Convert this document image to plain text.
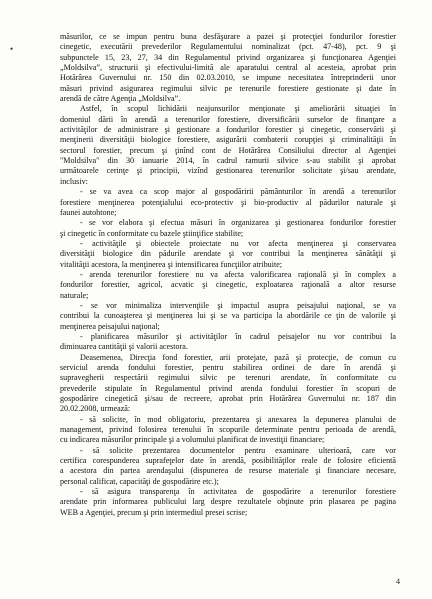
•
măsurilor, ce se impun pentru buna desfăşurare a pazei şi protecţiei fondurilor forestier
cinegetic, executării prevederilor Regulamentului nominalizat (pct. 47-48), pct. 9 şi
subpunctele 15, 23, 27, 34 din Regulamentul privind organizarea şi funcţionarea Agenţiei
„Moldsilva”, structurii şi efectivului-limită ale aparatului central al acesteia, aprobat prin
Hotărârea Guvernului nr. 150 din 02.03.2010, se impune necesitatea întreprinderii unor
măsuri privind asigurarea regimului silvic pe terenurile forestiere gestionate şi date în
arendă de către Agenţia „Moldsilva”.
Astfel, în scopul lichidării neajunsurilor menţionate şi ameliorării situaţiei în
domeniul dării în arendă a terenurilor forestiere, diversificării surselor de finanţare a
activităţilor de administrare şi gestionare a fondurilor forestier şi cinegetic, conservării şi
menţinerii diversităţii biologice forestiere, asigurării combaterii corupţiei şi criminalităţii în
sectorul forestier, precum şi ţinînd cont de Hotărârea Consiliului director al Agenţiei
"Moldsilva" din 30 ianuarie 2014, în cadrul ramurii silvice s-au stabilit şi aprobat
următoarele cerinţe şi principii, vizînd gestionarea terenurilor solicitate şi/sau arendate,
inclusiv:
- se va avea ca scop major al gospodăririi pământurilor în arendă a terenurilor
forestiere menţinerea potenţialului eco-protectiv şi bio-productiv al pădurilor naturale şi
faunei autohtone;
- se vor elabora şi efectua măsuri în organizarea şi gestionarea fondurilor forestier
şi cinegetic în conformitate cu bazele ştiinţifice stabilite;
- activităţile şi obiectele proiectate nu vor afecta menţinerea şi conservarea
diversităţii biologice din pădurile arendate şi vor contribui la menţinerea sănătăţii şi
vitalităţii acestora, la menţinerea şi intensificarea funcţiilor atribuite;
- arenda terenurilor forestiere nu va afecta valorificarea raţională şi în complex a
fondurilor forestier, agricol, acvatic şi cinegetic, exploatarea raţională a altor resurse
naturale;
- se vor minimaliza intervenţiile şi impactul asupra peisajului naţional, se va
contribui la cunoaşterea şi menţinerea lui şi se va participa la abordările ce ţin de valorile şi
menţinerea peisajului naţional;
- planificarea măsurilor şi activităţilor în cadrul peisajelor nu vor contribui la
diminuarea cantităţii şi valorii acestora.
Deasemenea, Direcţia fond forestier, arii protejate, pază şi protecţie, de comun cu
serviciul arenda fondului forestier, pentru stabilirea ordinei de dare în arendă şi
supravegherii respectării regimului silvic pe terenuri arendate, în conformitate cu
prevederile stipulate în Regulamentul privind arenda fondului forestier în scopuri de
gospodărire cinegetică şi/sau de recreere, aprobat prin Hotărârea Guvernului nr. 187 din
20.02.2008, urmează:
- să solicite, în mod obligatoriu, prezentarea şi anexarea la depunerea planului de
management, privind folosirea terenului în scopurile determinate pentru perioada de arendă,
cu indicarea măsurilor principale şi a volumului planificat de investiţii financiare;
- să solicite prezentarea documentelor pentru examinare ulterioară, care vor
certifica corespunderea suprafeţelor date în arendă, posibilităţilor reale de folosire eficientă
a acestora din partea arendaşului (dispunerea de resurse materiale şi financiare necesare,
personal calificat, capacităţi de gospodărire etc.);
- să asigura transparenţa în activitatea de gospodărire a terenurilor forestiere
arendate prin informarea publicului larg despre rezultatele obţinute prin plasarea pe pagina
WEB a Agenţiei, precum şi prin intermediul presei scrise;
4
